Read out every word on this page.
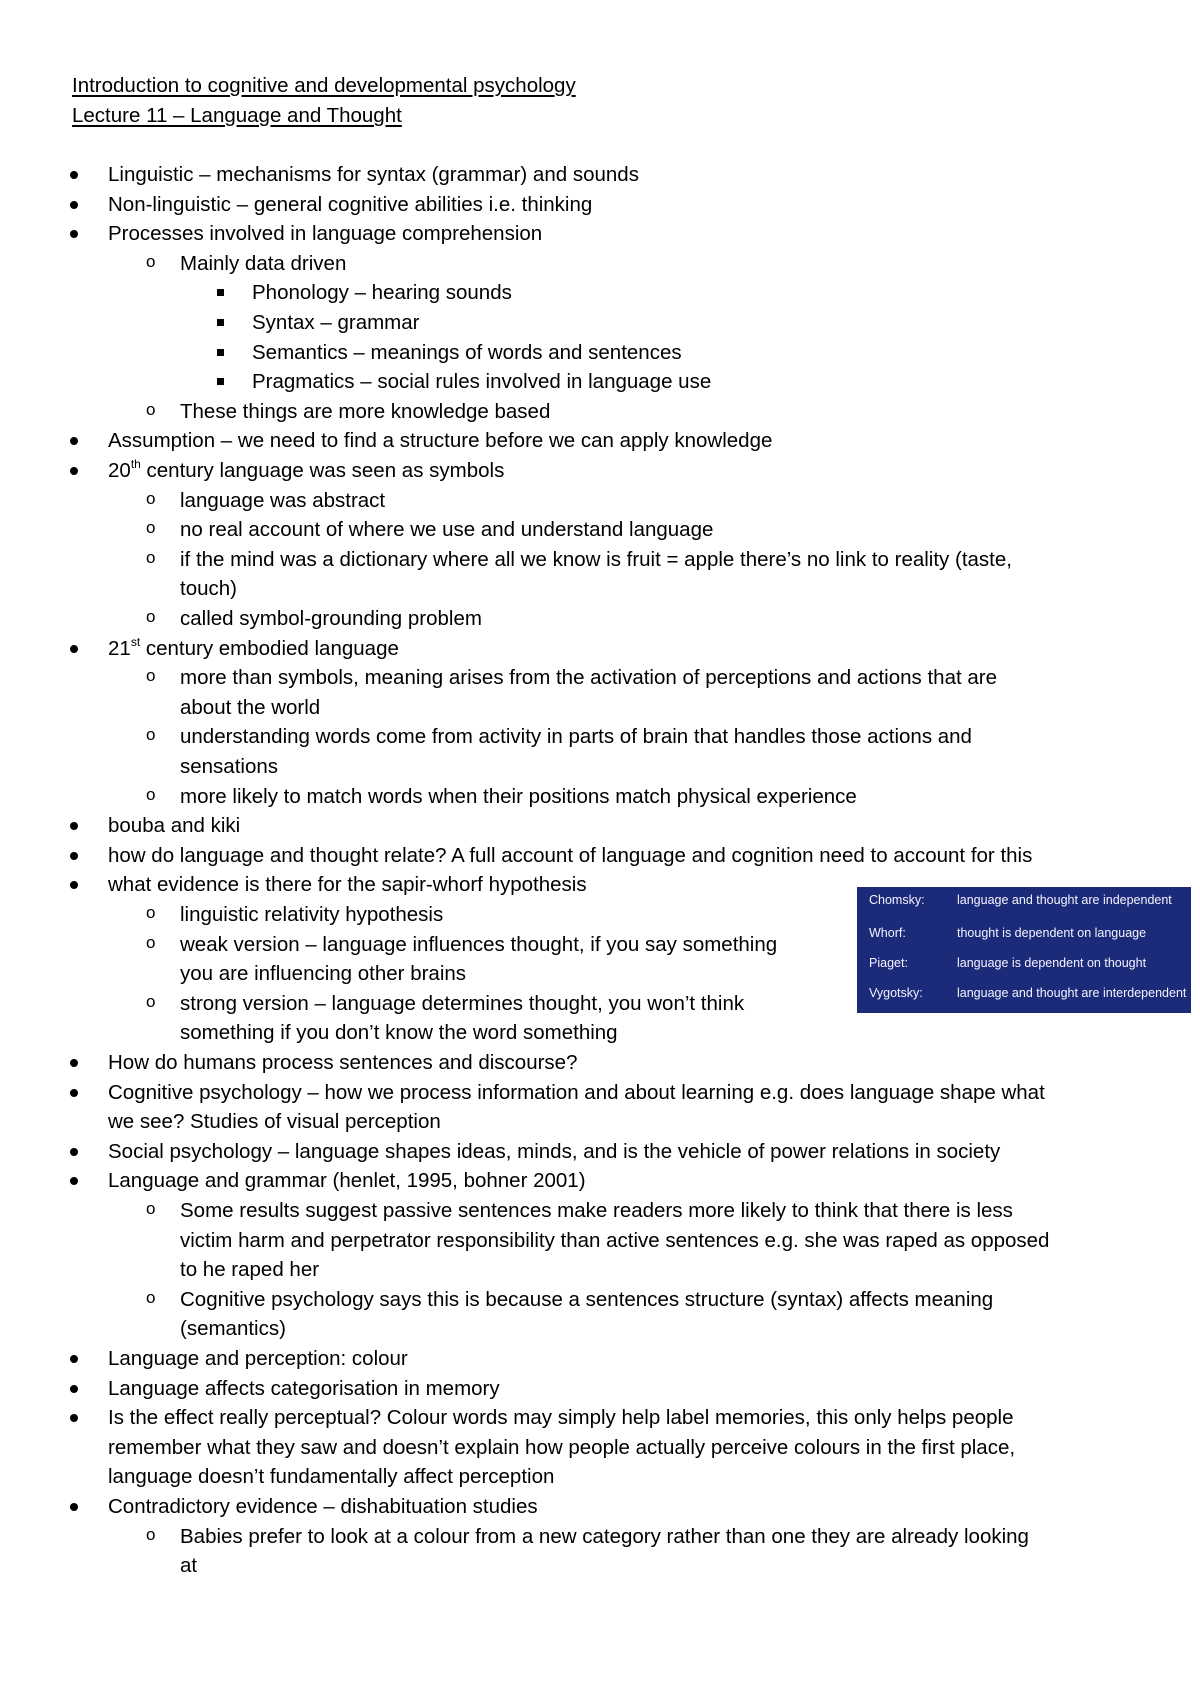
Introduction to cognitive and developmental psychology
Lecture 11 – Language and Thought
Linguistic – mechanisms for syntax (grammar) and sounds
Non-linguistic – general cognitive abilities i.e. thinking
Processes involved in language comprehension
o Mainly data driven
Phonology – hearing sounds
Syntax – grammar
Semantics – meanings of words and sentences
Pragmatics – social rules involved in language use
o These things are more knowledge based
Assumption – we need to find a structure before we can apply knowledge
20th century language was seen as symbols
o language was abstract
o no real account of where we use and understand language
o if the mind was a dictionary where all we know is fruit = apple there’s no link to reality (taste,
touch)
o called symbol-grounding problem
21st century embodied language
o more than symbols, meaning arises from the activation of perceptions and actions that are
about the world
o understanding words come from activity in parts of brain that handles those actions and
sensations
o more likely to match words when their positions match physical experience
bouba and kiki
how do language and thought relate? A full account of language and cognition need to account for this
what evidence is there for the sapir-whorf hypothesis
o linguistic relativity hypothesis
o weak version – language influences thought, if you say something
you are influencing other brains
o strong version – language determines thought, you won’t think
something if you don’t know the word something
How do humans process sentences and discourse?
Cognitive psychology – how we process information and about learning e.g. does language shape what
we see? Studies of visual perception
Social psychology – language shapes ideas, minds, and is the vehicle of power relations in society
Language and grammar (henlet, 1995, bohner 2001)
o Some results suggest passive sentences make readers more likely to think that there is less
victim harm and perpetrator responsibility than active sentences e.g. she was raped as opposed
to he raped her
o Cognitive psychology says this is because a sentences structure (syntax) affects meaning
(semantics)
Language and perception: colour
Language affects categorisation in memory
Is the effect really perceptual? Colour words may simply help label memories, this only helps people
remember what they saw and doesn’t explain how people actually perceive colours in the first place,
language doesn’t fundamentally affect perception
Contradictory evidence – dishabituation studies
o Babies prefer to look at a colour from a new category rather than one they are already looking
at
Chomsky:	language and thought are independent
Whorf:	thought is dependent on language
Piaget:	language is dependent on thought
Vygotsky:	language and thought are interdependent
